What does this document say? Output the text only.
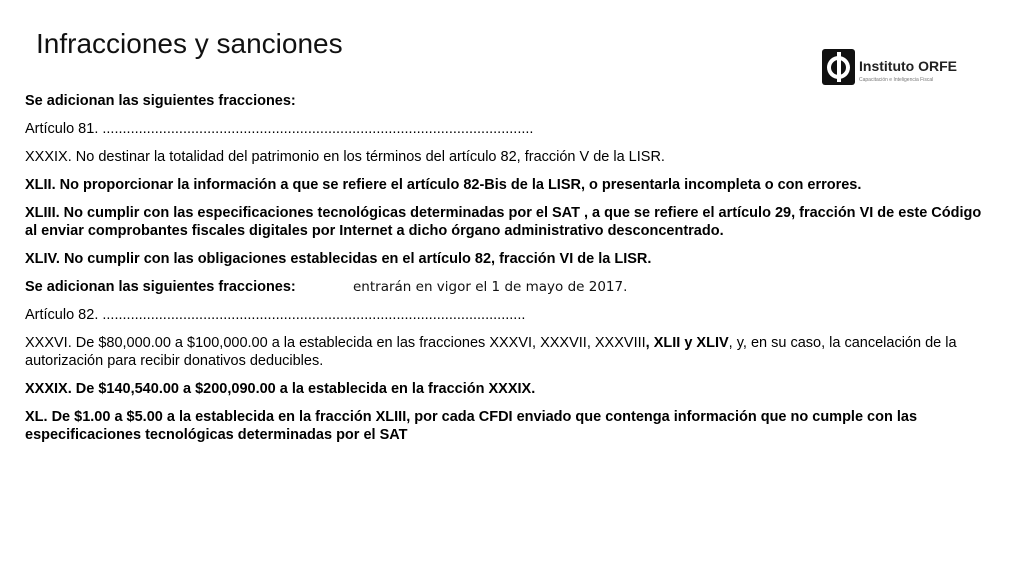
Infracciones y sanciones
Instituto ORFE
Capacitación e Inteligencia Fiscal

Se adicionan las siguientes fracciones:

Artículo 81. ...........................................................................................................

XXXIX. No destinar la totalidad del patrimonio en los términos del artículo 82, fracción V de la LISR.

XLII. No proporcionar la información a que se refiere el artículo 82-Bis de la LISR, o presentarla incompleta o con errores.

XLIII. No cumplir con las especificaciones tecnológicas determinadas por el SAT , a que se refiere el artículo 29, fracción VI de este Código al enviar comprobantes fiscales digitales por Internet a dicho órgano administrativo desconcentrado.

XLIV. No cumplir con las obligaciones establecidas en el artículo 82, fracción VI de la LISR.

Se adicionan las siguientes fracciones:

Artículo 82. .........................................................................................................

XXXVI. De $80,000.00 a $100,000.00 a la establecida en las fracciones XXXVI, XXXVII, XXXVIII, XLII y XLIV, y, en su caso, la cancelación de la autorización para recibir donativos deducibles.

XXXIX. De $140,540.00 a $200,090.00 a la establecida en la fracción XXXIX.

XL. De $1.00 a $5.00 a la establecida en la fracción XLIII, por cada CFDI enviado que contenga información que no cumple con las especificaciones tecnológicas determinadas por el SAT

entrarán en vigor el 1 de mayo de 2017.
